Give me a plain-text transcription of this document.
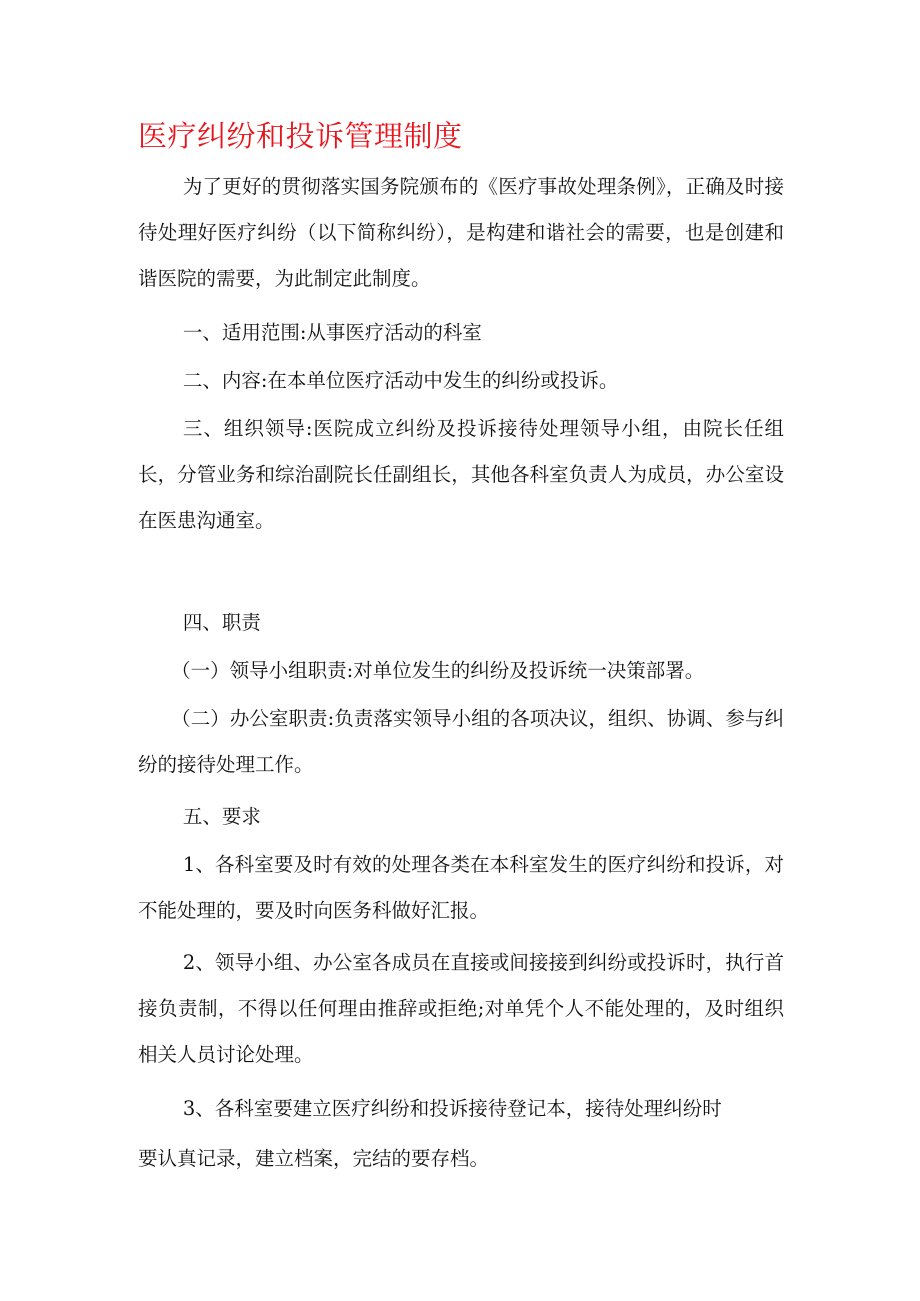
医疗纠纷和投诉管理制度

为了更好的贯彻落实国务院颁布的《医疗事故处理条例》，正确及时接待处理好医疗纠纷（以下简称纠纷），是构建和谐社会的需要，也是创建和谐医院的需要，为此制定此制度。

一、适用范围:从事医疗活动的科室

二、内容:在本单位医疗活动中发生的纠纷或投诉。

三、组织领导:医院成立纠纷及投诉接待处理领导小组，由院长任组长，分管业务和综治副院长任副组长，其他各科室负责人为成员，办公室设在医患沟通室。

四、职责

（一）领导小组职责:对单位发生的纠纷及投诉统一决策部署。

（二）办公室职责:负责落实领导小组的各项决议，组织、协调、参与纠纷的接待处理工作。

五、要求

1、各科室要及时有效的处理各类在本科室发生的医疗纠纷和投诉，对不能处理的，要及时向医务科做好汇报。

2、领导小组、办公室各成员在直接或间接接到纠纷或投诉时，执行首接负责制，不得以任何理由推辞或拒绝;对单凭个人不能处理的，及时组织相关人员讨论处理。

3、各科室要建立医疗纠纷和投诉接待登记本，接待处理纠纷时

要认真记录，建立档案，完结的要存档。
